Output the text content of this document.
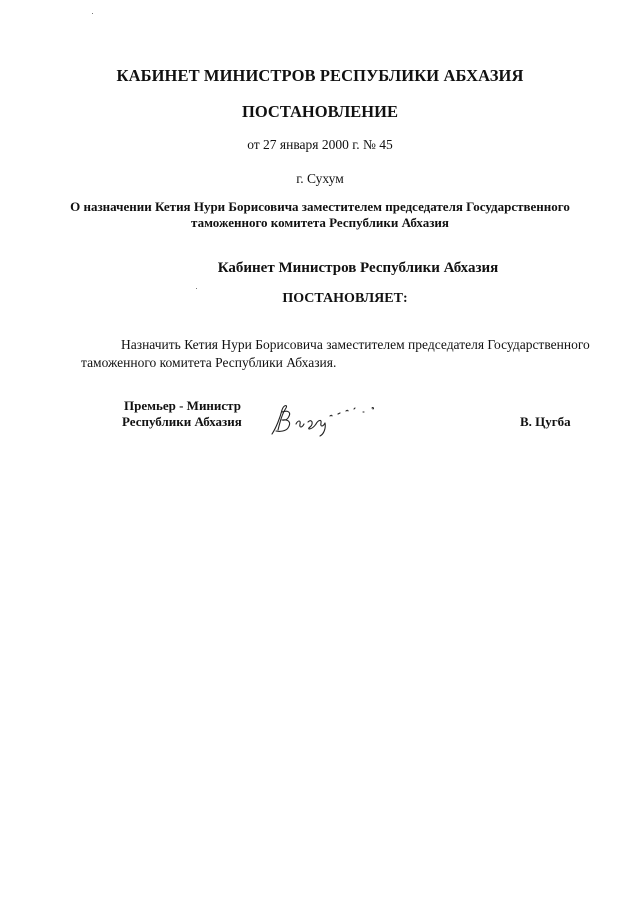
КАБИНЕТ МИНИСТРОВ РЕСПУБЛИКИ АБХАЗИЯ
ПОСТАНОВЛЕНИЕ
от 27 января 2000 г. № 45
г. Сухум
О назначении Кетия Нури Борисовича заместителем председателя Государственного
таможенного комитета Республики Абхазия
Кабинет Министров Республики Абхазия
ПОСТАНОВЛЯЕТ:
Назначить Кетия Нури Борисовича заместителем председателя Государственного
таможенного комитета Республики Абхазия.
Премьер - Министр
Республики Абхазия	В. Цугба
